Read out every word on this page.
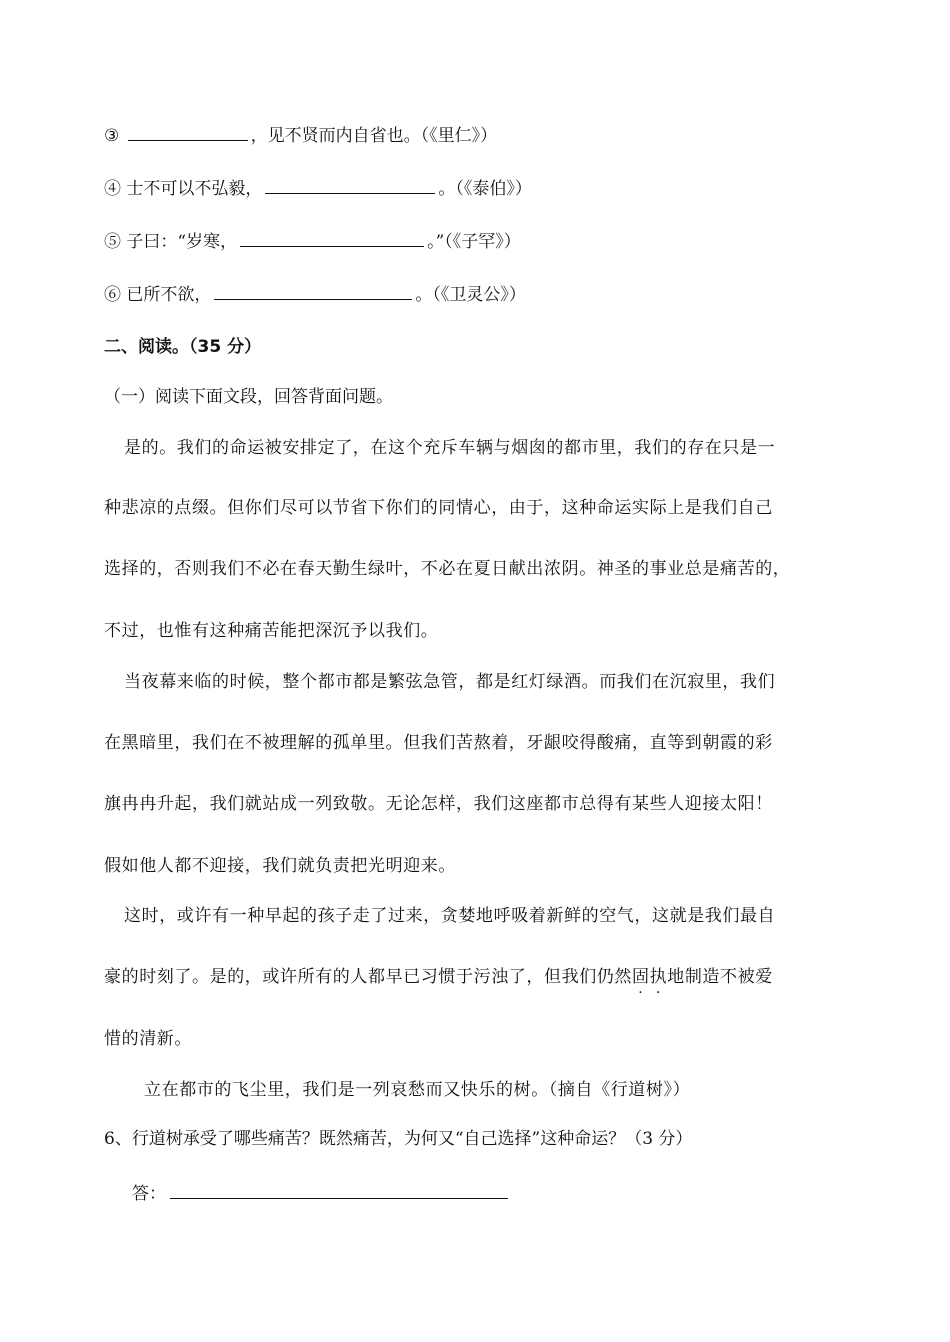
③	，见不贤而内自省也。（《里仁》）
④ 士不可以不弘毅，	。（《泰伯》）
⑤ 子曰：“岁寒，	。”（《子罕》）
⑥ 已所不欲，	。（《卫灵公》）
二、阅读。（35 分）
（一）阅读下面文段，回答背面问题。
是的。我们的命运被安排定了，在这个充斥车辆与烟囱的都市里，我们的存在只是一
种悲凉的点缀。但你们尽可以节省下你们的同情心，由于，这种命运实际上是我们自己
选择的，否则我们不必在春天勤生绿叶，不必在夏日献出浓阴。神圣的事业总是痛苦的，
不过，也惟有这种痛苦能把深沉予以我们。
当夜幕来临的时候，整个都市都是繁弦急管，都是红灯绿酒。而我们在沉寂里，我们
在黑暗里，我们在不被理解的孤单里。但我们苦熬着，牙龈咬得酸痛，直等到朝霞的彩
旗冉冉升起，我们就站成一列致敬。无论怎样，我们这座都市总得有某些人迎接太阳！
假如他人都不迎接，我们就负责把光明迎来。
这时，或许有一种早起的孩子走了过来，贪婪地呼吸着新鲜的空气，这就是我们最自
豪的时刻了。是的，或许所有的人都早已习惯于污浊了，但我们仍然固执地制造不被爱
惜的清新。
立在都市的飞尘里，我们是一列哀愁而又快乐的树。（摘自《行道树》）
6、行道树承受了哪些痛苦？既然痛苦，为何又“自己选择”这种命运？（3 分）
答：
